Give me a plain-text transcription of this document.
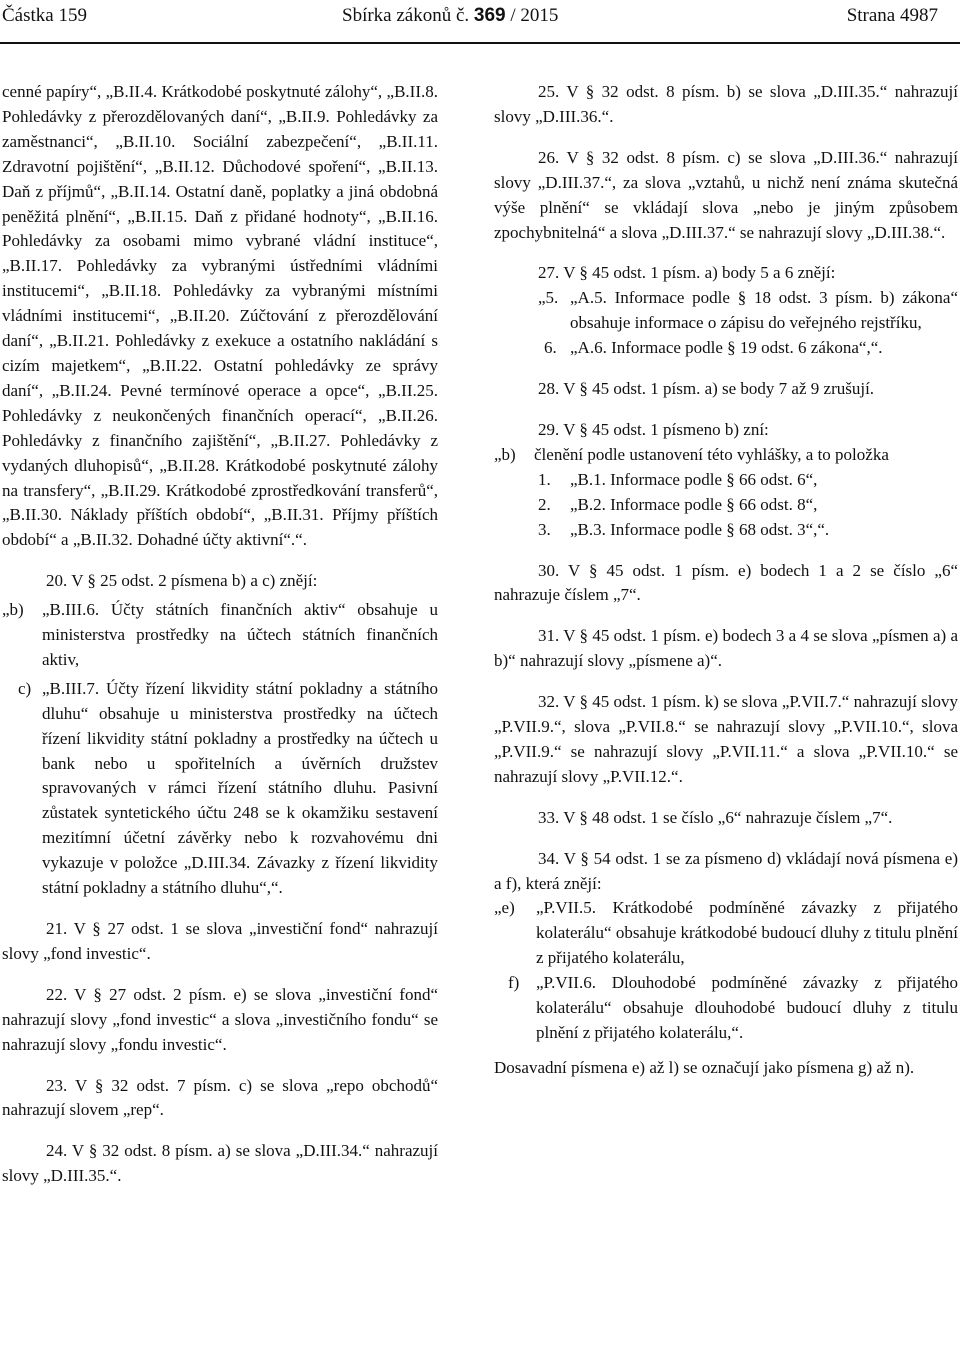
Částka 159	Sbírka zákonů č. 369 / 2015	Strana 4987

cenné papíry“, „B.II.4. Krátkodobé poskytnuté zálohy“, „B.II.8. Pohledávky z přerozdělovaných daní“, „B.II.9. Pohledávky za zaměstnanci“, „B.II.10. Sociální zabezpečení“, „B.II.11. Zdravotní pojištění“, „B.II.12. Důchodové spoření“, „B.II.13. Daň z příjmů“, „B.II.14. Ostatní daně, poplatky a jiná obdobná peněžitá plnění“, „B.II.15. Daň z přidané hodnoty“, „B.II.16. Pohledávky za osobami mimo vybrané vládní instituce“, „B.II.17. Pohledávky za vybranými ústředními vládními institucemi“, „B.II.18. Pohledávky za vybranými místními vládními institucemi“, „B.II.20. Zúčtování z přerozdělování daní“, „B.II.21. Pohledávky z exekuce a ostatního nakládání s cizím majetkem“, „B.II.22. Ostatní pohledávky ze správy daní“, „B.II.24. Pevné termínové operace a opce“, „B.II.25. Pohledávky z neukončených finančních operací“, „B.II.26. Pohledávky z finančního zajištění“, „B.II.27. Pohledávky z vydaných dluhopisů“, „B.II.28. Krátkodobé poskytnuté zálohy na transfery“, „B.II.29. Krátkodobé zprostředkování transferů“, „B.II.30. Náklady příštích období“, „B.II.31. Příjmy příštích období“ a „B.II.32. Dohadné účty aktivní“.“.

20. V § 25 odst. 2 písmena b) a c) znějí:

„b) „B.III.6. Účty státních finančních aktiv“ obsahuje u ministerstva prostředky na účtech státních finančních aktiv,
c) „B.III.7. Účty řízení likvidity státní pokladny a státního dluhu“ obsahuje u ministerstva prostředky na účtech řízení likvidity státní pokladny a prostředky na účtech u bank nebo u spořitelních a úvěrních družstev spravovaných v rámci řízení státního dluhu. Pasivní zůstatek syntetického účtu 248 se k okamžiku sestavení mezitímní účetní závěrky nebo k rozvahovému dni vykazuje v položce „D.III.34. Závazky z řízení likvidity státní pokladny a státního dluhu“,“.

21. V § 27 odst. 1 se slova „investiční fond“ nahrazují slovy „fond investic“.

22. V § 27 odst. 2 písm. e) se slova „investiční fond“ nahrazují slovy „fond investic“ a slova „investičního fondu“ se nahrazují slovy „fondu investic“.

23. V § 32 odst. 7 písm. c) se slova „repo obchodů“ nahrazují slovem „rep“.

24. V § 32 odst. 8 písm. a) se slova „D.III.34.“ nahrazují slovy „D.III.35.“.

25. V § 32 odst. 8 písm. b) se slova „D.III.35.“ nahrazují slovy „D.III.36.“.

26. V § 32 odst. 8 písm. c) se slova „D.III.36.“ nahrazují slovy „D.III.37.“, za slova „vztahů, u nichž není známa skutečná výše plnění“ se vkládají slova „nebo je jiným způsobem zpochybnitelná“ a slova „D.III.37.“ se nahrazují slovy „D.III.38.“.

27. V § 45 odst. 1 písm. a) body 5 a 6 znějí:

„5. „A.5. Informace podle § 18 odst. 3 písm. b) zákona“ obsahuje informace o zápisu do veřejného rejstříku,
6. „A.6. Informace podle § 19 odst. 6 zákona“,“.

28. V § 45 odst. 1 písm. a) se body 7 až 9 zrušují.

29. V § 45 odst. 1 písmeno b) zní:

„b) členění podle ustanovení této vyhlášky, a to položka
1.	„B.1. Informace podle § 66 odst. 6“,
2.	„B.2. Informace podle § 66 odst. 8“,
3.	„B.3. Informace podle § 68 odst. 3“,“.

30. V § 45 odst. 1 písm. e) bodech 1 a 2 se číslo „6“ nahrazuje číslem „7“.

31. V § 45 odst. 1 písm. e) bodech 3 a 4 se slova „písmen a) a b)“ nahrazují slovy „písmene a)“.

32. V § 45 odst. 1 písm. k) se slova „P.VII.7.“ nahrazují slovy „P.VII.9.“, slova „P.VII.8.“ se nahrazují slovy „P.VII.10.“, slova „P.VII.9.“ se nahrazují slovy „P.VII.11.“ a slova „P.VII.10.“ se nahrazují slovy „P.VII.12.“.

33. V § 48 odst. 1 se číslo „6“ nahrazuje číslem „7“.

34. V § 54 odst. 1 se za písmeno d) vkládají nová písmena e) a f), která znějí:

„e) „P.VII.5. Krátkodobé podmíněné závazky z přijatého kolaterálu“ obsahuje krátkodobé budoucí dluhy z titulu plnění z přijatého kolaterálu,
f) „P.VII.6. Dlouhodobé podmíněné závazky z přijatého kolaterálu“ obsahuje dlouhodobé budoucí dluhy z titulu plnění z přijatého kolaterálu,“.

Dosavadní písmena e) až l) se označují jako písmena g) až n).
